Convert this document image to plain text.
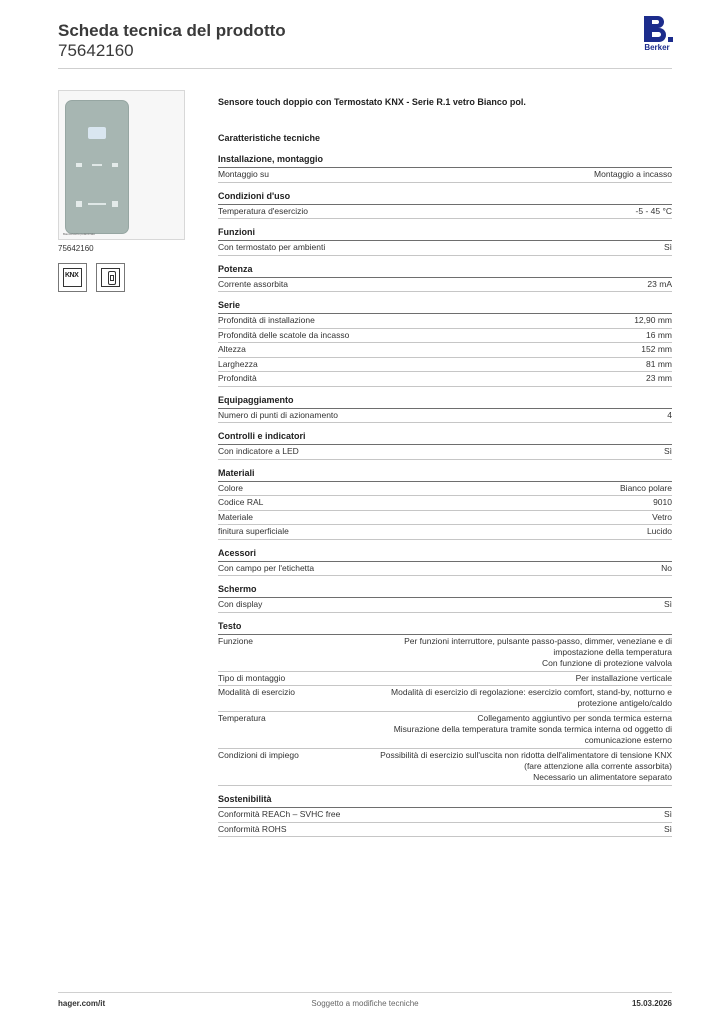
Scheda tecnica del prodotto
75642160	Berker
Bianco/vetro polarizzato
75642160
KNX
Sensore touch doppio con Termostato KNX - Serie R.1 vetro Bianco pol.
Caratteristiche tecniche
Installazione, montaggio
Montaggio su	Montaggio a incasso
Condizioni d'uso
Temperatura d'esercizio	-5 - 45 °C
Funzioni
Con termostato per ambienti	Sì
Potenza
Corrente assorbita	23 mA
Serie
Profondità di installazione	12,90 mm
Profondità delle scatole da incasso	16 mm
Altezza	152 mm
Larghezza	81 mm
Profondità	23 mm
Equipaggiamento
Numero di punti di azionamento	4
Controlli e indicatori
Con indicatore a LED	Sì
Materiali
Colore	Bianco polare
Codice RAL	9010
Materiale	Vetro
finitura superficiale	Lucido
Acessori
Con campo per l'etichetta	No
Schermo
Con display	Sì
Testo
Funzione	Per funzioni interruttore, pulsante passo-passo, dimmer, veneziane e di impostazione della temperatura
Con funzione di protezione valvola
Tipo di montaggio	Per installazione verticale
Modalità di esercizio	Modalità di esercizio di regolazione: esercizio comfort, stand-by, notturno e protezione antigelo/caldo
Temperatura	Collegamento aggiuntivo per sonda termica esterna
Misurazione della temperatura tramite sonda termica interna od oggetto di comunicazione esterno
Condizioni di impiego	Possibilità di esercizio sull'uscita non ridotta dell'alimentatore di tensione KNX (fare attenzione alla corrente assorbita)
Necessario un alimentatore separato
Sostenibilità
Conformità REACh – SVHC free	Sì
Conformità ROHS	Sì
hager.com/it	Soggetto a modifiche tecniche	15.03.2026
